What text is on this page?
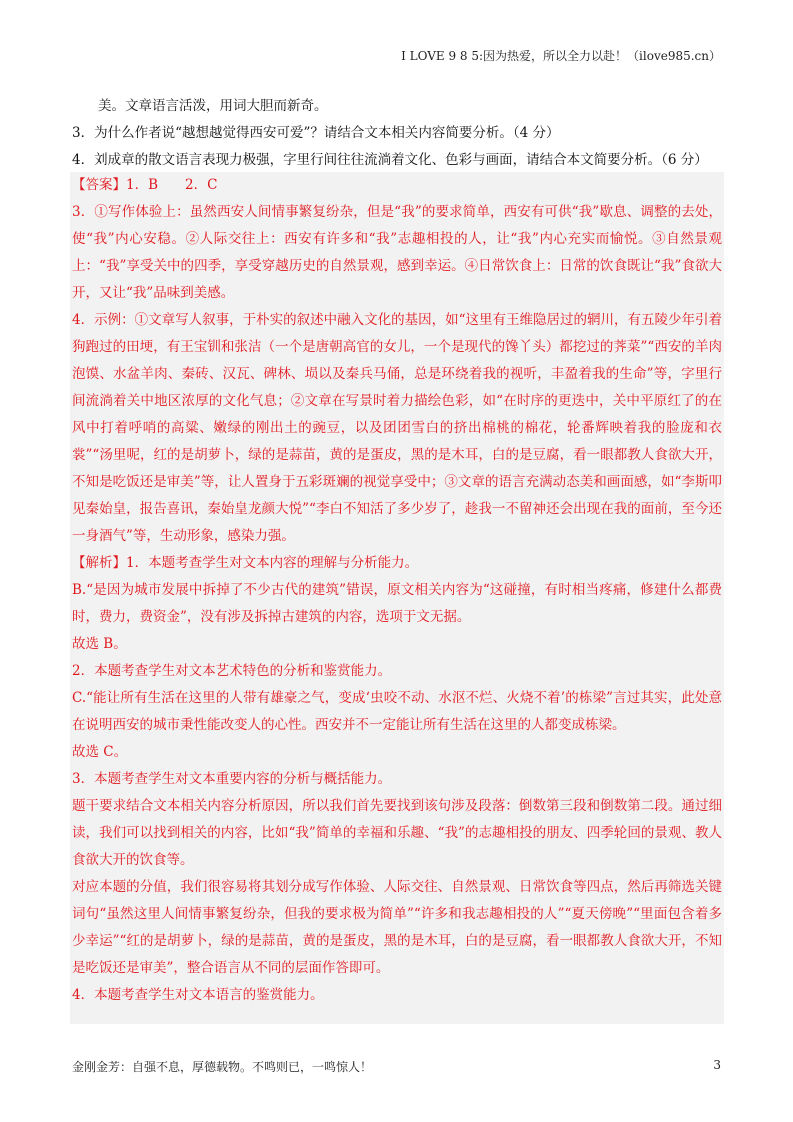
I LOVE 9 8 5:因为热爱，所以全力以赴！（ilove985.cn）
美。文章语言活泼，用词大胆而新奇。
3．为什么作者说“越想越觉得西安可爱”？请结合文本相关内容简要分析。（4 分）
4．刘成章的散文语言表现力极强，字里行间往往流淌着文化、色彩与画面，请结合本文简要分析。（6 分）

【答案】1．B　　2．C

3．①写作体验上：虽然西安人间情事繁复纷杂，但是“我”的要求简单，西安有可供“我”歇息、调整的去处，使“我”内心安稳。②人际交往上：西安有许多和“我”志趣相投的人，让“我”内心充实而愉悦。③自然景观上：“我”享受关中的四季，享受穿越历史的自然景观，感到幸运。④日常饮食上：日常的饮食既让“我”食欲大开，又让“我”品味到美感。

4．示例：①文章写人叙事，于朴实的叙述中融入文化的基因，如“这里有王维隐居过的辋川，有五陵少年引着狗跑过的田埂，有王宝钏和张洁（一个是唐朝高官的女儿，一个是现代的馋丫头）都挖过的荠菜”“西安的羊肉泡馍、水盆羊肉、秦砖、汉瓦、碑林、埙以及秦兵马俑，总是环绕着我的视听，丰盈着我的生命”等，字里行间流淌着关中地区浓厚的文化气息；②文章在写景时着力描绘色彩，如“在时序的更迭中，关中平原红了的在风中打着呼哨的高粱、嫩绿的刚出土的豌豆，以及团团雪白的挤出棉桃的棉花，轮番辉映着我的脸庞和衣裳”“汤里呢，红的是胡萝卜，绿的是蒜苗，黄的是蛋皮，黑的是木耳，白的是豆腐，看一眼都教人食欲大开，不知是吃饭还是审美”等，让人置身于五彩斑斓的视觉享受中；③文章的语言充满动态美和画面感，如“李斯叩见秦始皇，报告喜讯，秦始皇龙颜大悦”“李白不知活了多少岁了，趁我一不留神还会出现在我的面前，至今还一身酒气”等，生动形象，感染力强。

【解析】1．本题考查学生对文本内容的理解与分析能力。

B.“是因为城市发展中拆掉了不少古代的建筑”错误，原文相关内容为“这碰撞，有时相当疼痛，修建什么都费时，费力，费资金”，没有涉及拆掉古建筑的内容，选项于文无据。

故选 B。

2．本题考查学生对文本艺术特色的分析和鉴赏能力。

C.“能让所有生活在这里的人带有雄豪之气，变成‘虫咬不动、水沤不烂、火烧不着’的栋梁”言过其实，此处意在说明西安的城市秉性能改变人的心性。西安并不一定能让所有生活在这里的人都变成栋梁。

故选 C。

3．本题考查学生对文本重要内容的分析与概括能力。

题干要求结合文本相关内容分析原因，所以我们首先要找到该句涉及段落：倒数第三段和倒数第二段。通过细读，我们可以找到相关的内容，比如“我”简单的幸福和乐趣、“我”的志趣相投的朋友、四季轮回的景观、教人食欲大开的饮食等。

对应本题的分值，我们很容易将其划分成写作体验、人际交往、自然景观、日常饮食等四点，然后再筛选关键词句“虽然这里人间情事繁复纷杂，但我的要求极为简单”“许多和我志趣相投的人”“夏天傍晚”“里面包含着多少幸运”“红的是胡萝卜，绿的是蒜苗，黄的是蛋皮，黑的是木耳，白的是豆腐，看一眼都教人食欲大开，不知是吃饭还是审美”，整合语言从不同的层面作答即可。

4．本题考查学生对文本语言的鉴赏能力。

金刚金芳：自强不息，厚德载物。不鸣则已，一鸣惊人！	3
